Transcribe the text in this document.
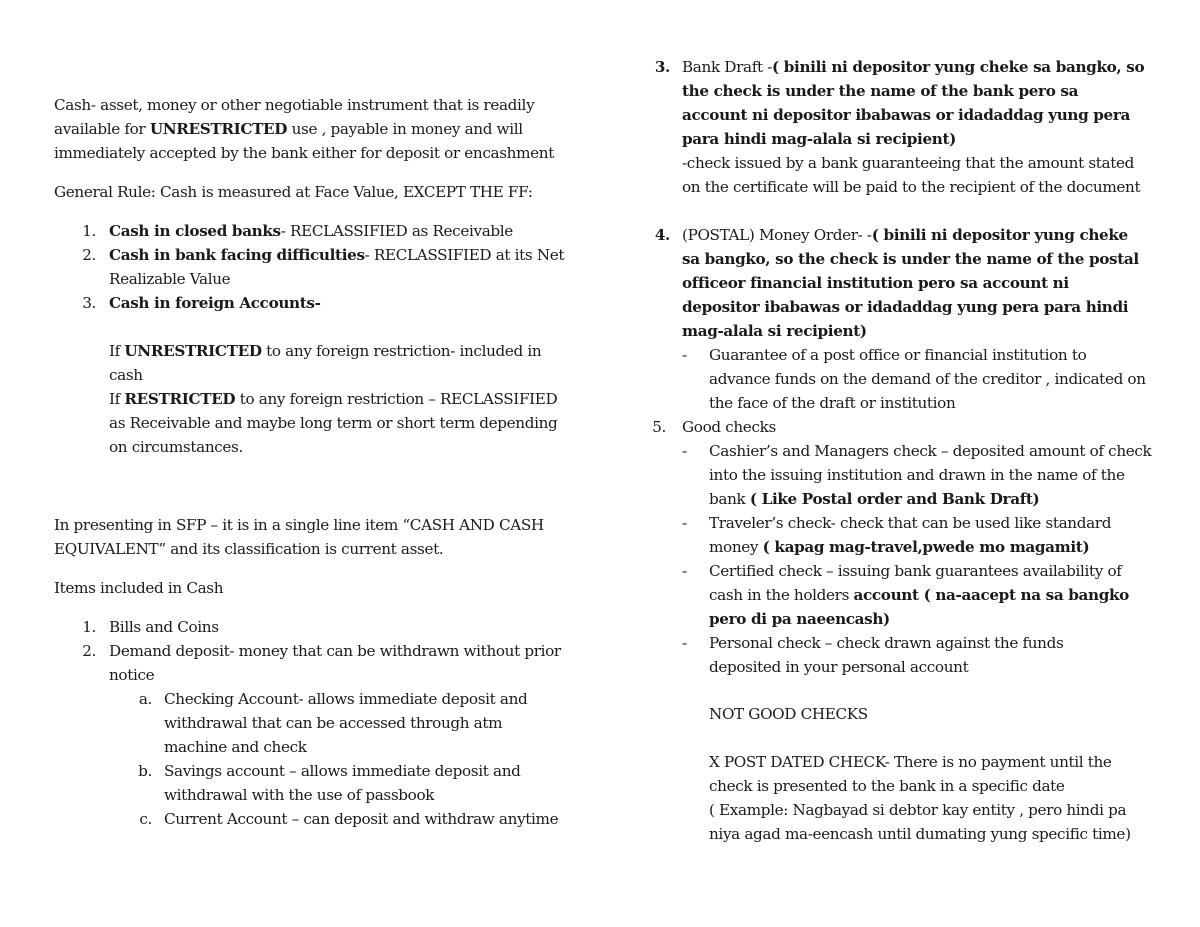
Cash- asset, money or other negotiable instrument that is readily available for UNRESTRICTED use , payable in money and will immediately accepted by the bank either for deposit or encashment

General Rule: Cash is measured at Face Value, EXCEPT THE FF:

1. Cash in closed banks- RECLASSIFIED as Receivable
2. Cash in bank facing difficulties- RECLASSIFIED at its Net Realizable Value
3. Cash in foreign Accounts-

If UNRESTRICTED to any foreign restriction- included in cash

If RESTRICTED to any foreign restriction – RECLASSIFIED as Receivable and maybe long term or short term depending on circumstances.

In presenting in SFP – it is in a single line item “CASH AND CASH EQUIVALENT” and its classification is current asset.

Items included in Cash

1. Bills and Coins
2. Demand deposit- money that can be withdrawn without prior notice
a. Checking Account- allows immediate deposit and withdrawal that can be accessed through atm machine and check
b. Savings account – allows immediate deposit and withdrawal with the use of passbook
c. Current Account – can deposit and withdraw anytime
3. Bank Draft -( binili ni depositor yung cheke sa bangko, so the check is under the name of the bank pero sa account ni depositor ibabawas or idadaddag yung pera para hindi mag-alala si recipient)

-check issued by a bank guaranteeing that the amount stated on the certificate will be paid to the recipient of the document

4. (POSTAL) Money Order- -( binili ni depositor yung cheke sa bangko, so the check is under the name of the postal officeor financial institution pero sa account ni depositor ibabawas or idadaddag yung pera para hindi mag-alala si recipient)
- Guarantee of a post office or financial institution to advance funds on the demand of the creditor , indicated on the face of the draft or institution
5. Good checks
- Cashier’s and Managers check – deposited amount of check into the issuing institution and drawn in the name of the bank ( Like Postal order and Bank Draft)
- Traveler’s check- check that can be used like standard money ( kapag mag-travel,pwede mo magamit)
- Certified check – issuing bank guarantees availability of cash in the holders account ( na-aacept na sa bangko pero di pa naeencash)
- Personal check – check drawn against the funds deposited in your personal account

NOT GOOD CHECKS

X POST DATED CHECK- There is no payment until the check is presented to the bank in a specific date

( Example: Nagbayad si debtor kay entity , pero hindi pa niya agad ma-eencash until dumating yung specific time)
